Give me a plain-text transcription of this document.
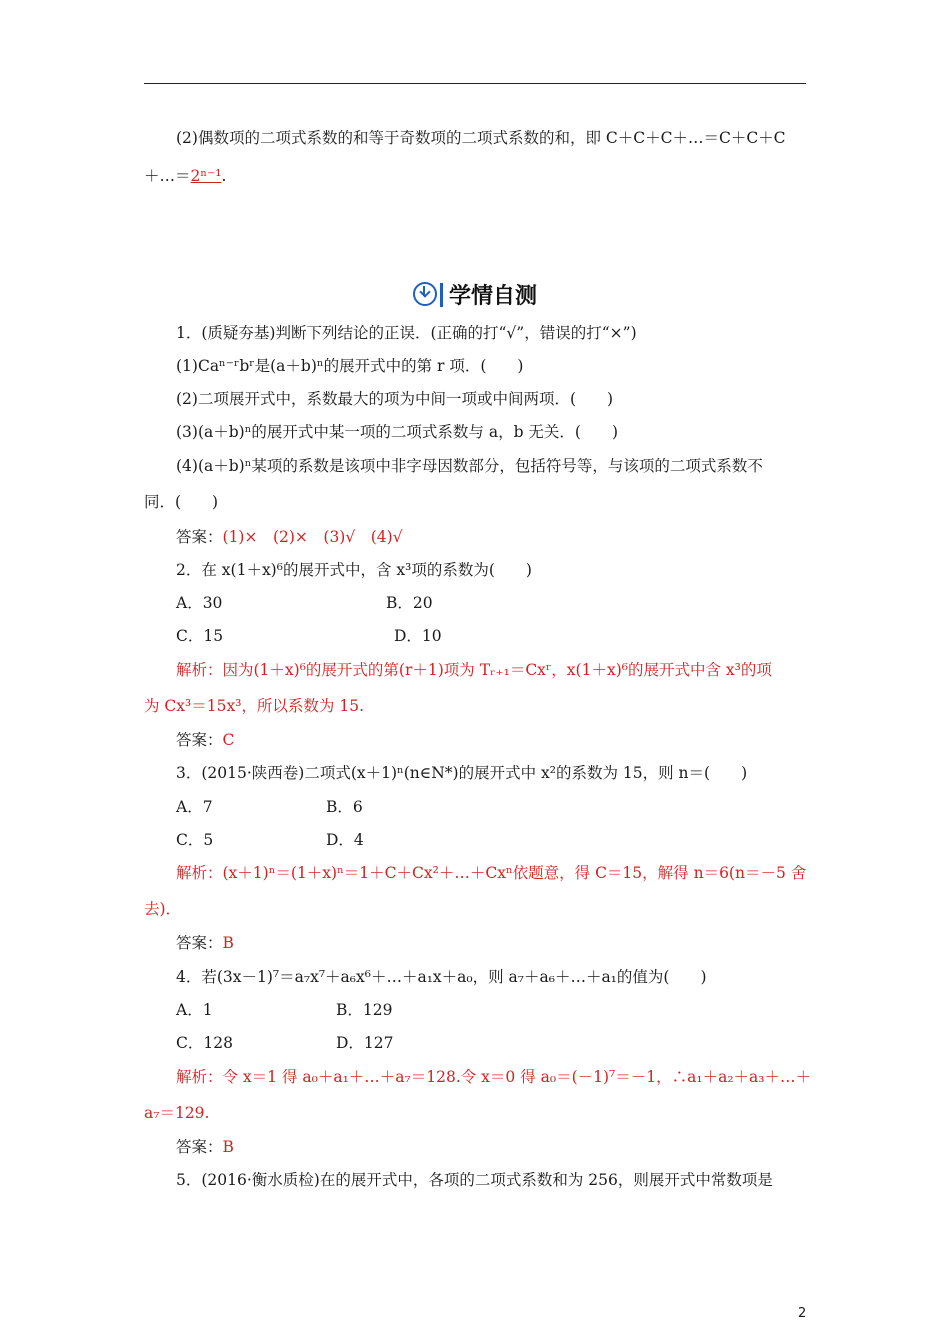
(2)偶数项的二项式系数的和等于奇数项的二项式系数的和，即 C＋C＋C＋…＝C＋C＋C
＋…＝2ⁿ⁻¹.
学情自测
1．(质疑夯基)判断下列结论的正误．(正确的打“√”，错误的打“×”)
(1)Caⁿ⁻ʳbʳ是(a＋b)ⁿ的展开式中的第 r 项．(　　)
(2)二项展开式中，系数最大的项为中间一项或中间两项．(　　)
(3)(a＋b)ⁿ的展开式中某一项的二项式系数与 a，b 无关．(　　)
(4)(a＋b)ⁿ某项的系数是该项中非字母因数部分，包括符号等，与该项的二项式系数不
同．(　　)
答案：(1)×　(2)×　(3)√　(4)√
2．在 x(1＋x)⁶的展开式中，含 x³项的系数为(　　)
A．30	B．20
C．15	D．10
解析：因为(1＋x)⁶的展开式的第(r＋1)项为 Tᵣ₊₁＝Cxʳ，x(1＋x)⁶的展开式中含 x³的项
为 Cx³＝15x³，所以系数为 15.
答案：C
3．(2015·陕西卷)二项式(x＋1)ⁿ(n∈N*)的展开式中 x²的系数为 15，则 n＝(　　)
A．7	B．6
C．5	D．4
解析：(x＋1)ⁿ＝(1＋x)ⁿ＝1＋C＋Cx²＋…＋Cxⁿ依题意，得 C＝15，解得 n＝6(n＝－5 舍
去)．
答案：B
4．若(3x－1)⁷＝a₇x⁷＋a₆x⁶＋…＋a₁x＋a₀，则 a₇＋a₆＋…＋a₁的值为(　　)
A．1	B．129
C．128	D．127
解析：令 x＝1 得 a₀＋a₁＋…＋a₇＝128.令 x＝0 得 a₀＝(－1)⁷＝－1，∴a₁＋a₂＋a₃＋…＋
a₇＝129.
答案：B
5．(2016·衡水质检)在的展开式中，各项的二项式系数和为 256，则展开式中常数项是
2
